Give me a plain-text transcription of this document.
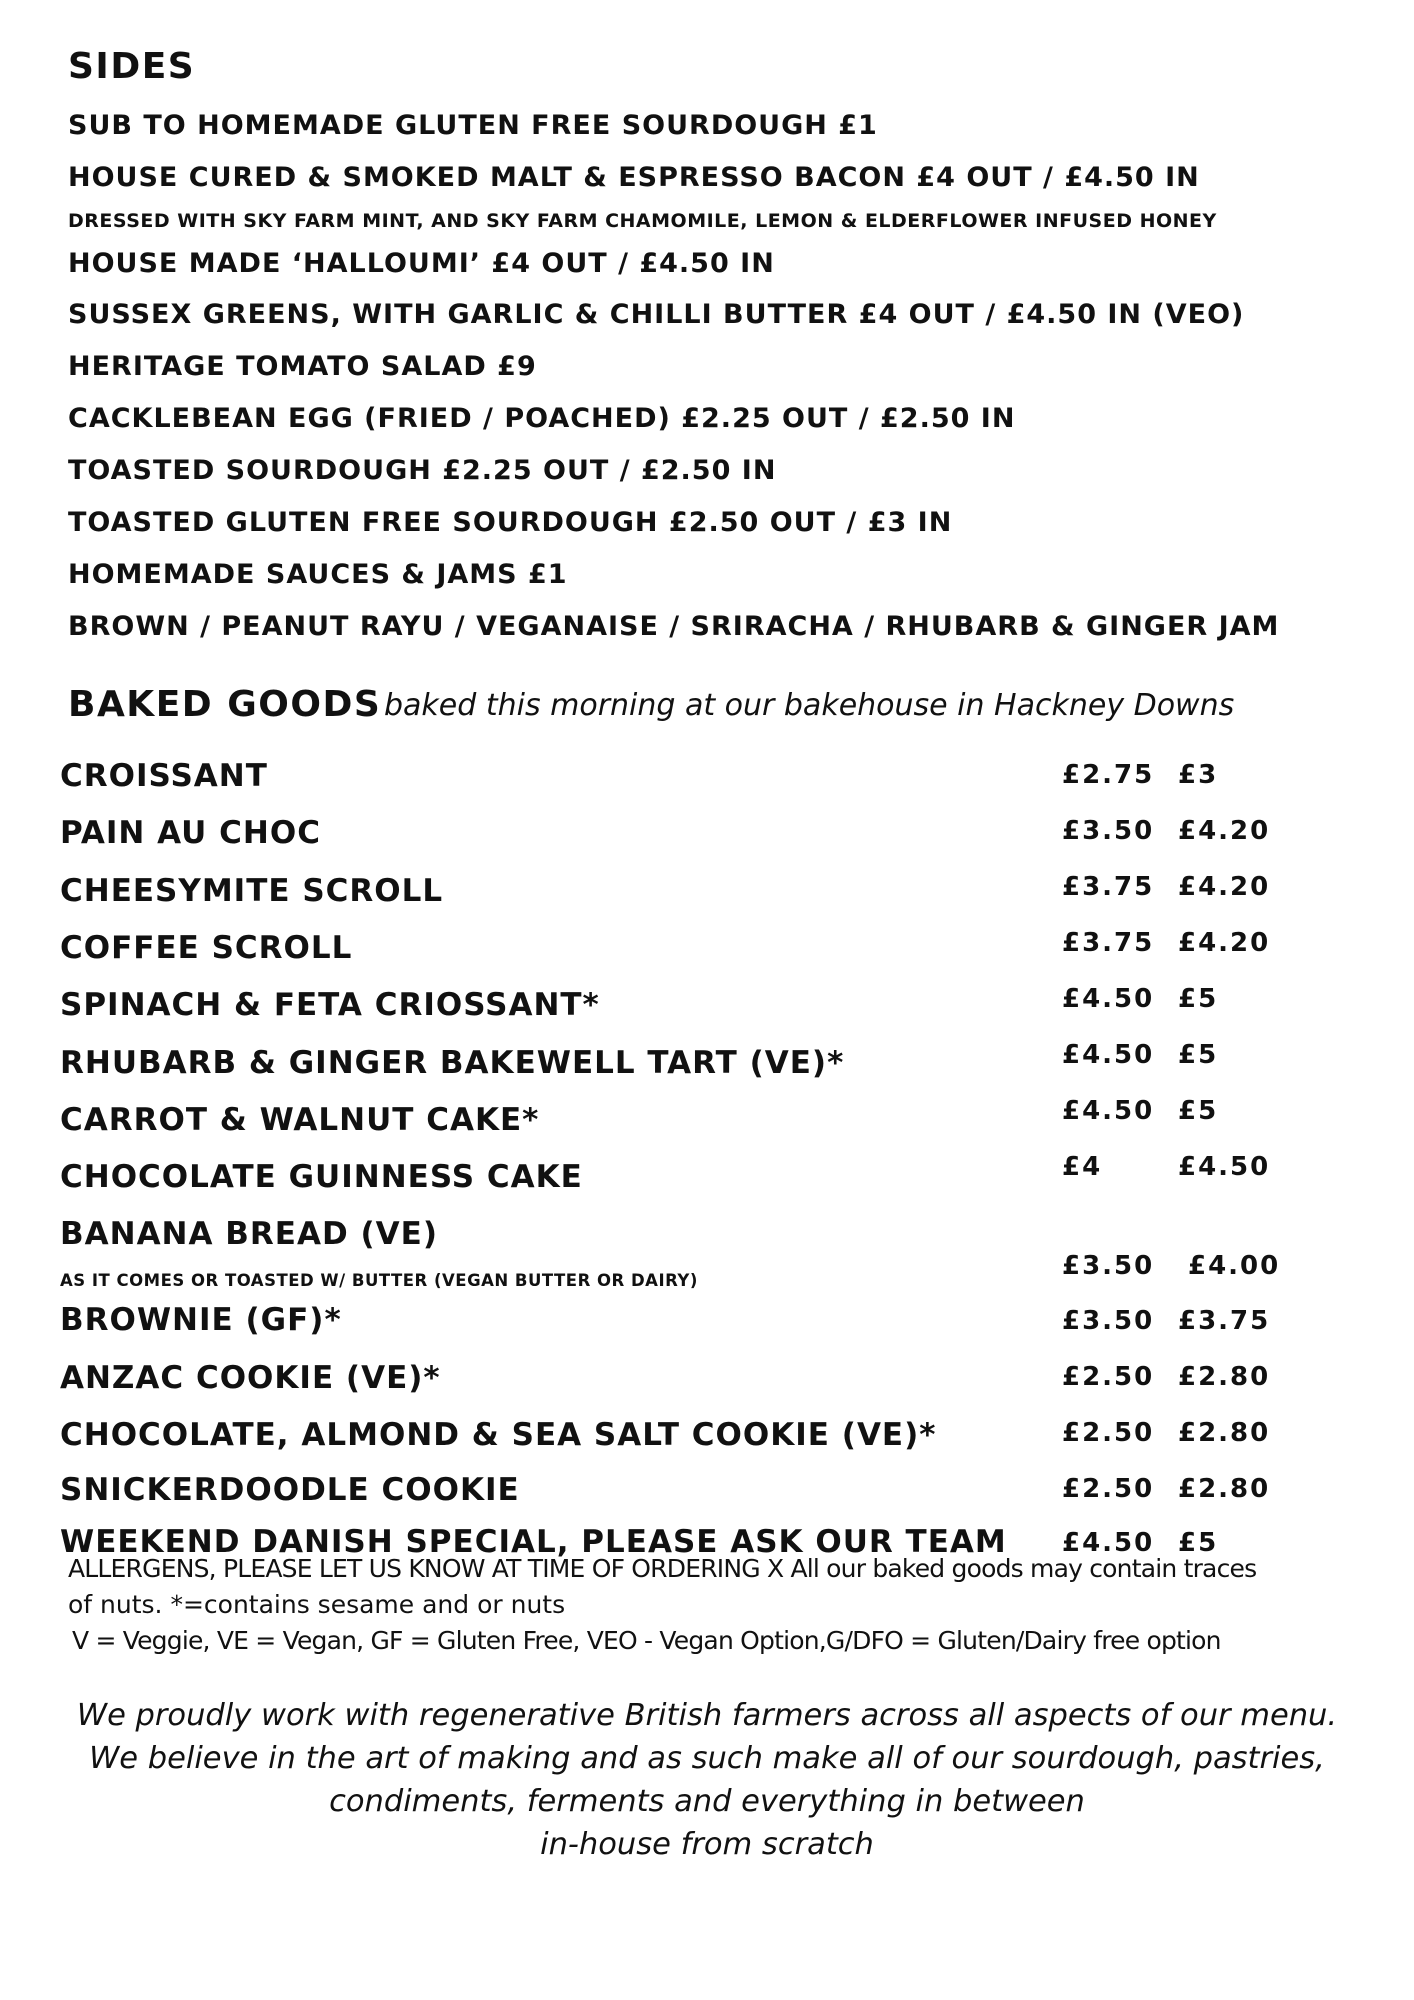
SIDES
SUB TO HOMEMADE GLUTEN FREE SOURDOUGH £1
HOUSE CURED & SMOKED MALT & ESPRESSO BACON £4 OUT / £4.50 IN
DRESSED WITH SKY FARM MINT, AND SKY FARM CHAMOMILE, LEMON & ELDERFLOWER INFUSED HONEY
HOUSE MADE ‘HALLOUMI’ £4 OUT / £4.50 IN
SUSSEX GREENS, WITH GARLIC & CHILLI BUTTER £4 OUT / £4.50 IN (VEO)
HERITAGE TOMATO SALAD £9
CACKLEBEAN EGG (FRIED / POACHED) £2.25 OUT / £2.50 IN
TOASTED SOURDOUGH £2.25 OUT / £2.50 IN
TOASTED GLUTEN FREE SOURDOUGH £2.50 OUT / £3 IN
HOMEMADE SAUCES & JAMS £1
BROWN / PEANUT RAYU / VEGANAISE / SRIRACHA / RHUBARB & GINGER JAM
BAKED GOODS baked this morning at our bakehouse in Hackney Downs
CROISSANT	£2.75 £3
PAIN AU CHOC	£3.50 £4.20
CHEESYMITE SCROLL	£3.75 £4.20
COFFEE SCROLL	£3.75 £4.20
SPINACH & FETA CRIOSSANT*	£4.50 £5
RHUBARB & GINGER BAKEWELL TART (VE)*	£4.50 £5
CARROT & WALNUT CAKE*	£4.50 £5
CHOCOLATE GUINNESS CAKE	£4	£4.50
BANANA BREAD (VE)
AS IT COMES OR TOASTED W/ BUTTER (VEGAN BUTTER OR DAIRY)	£3.50 £4.00
BROWNIE (GF)*	£3.50 £3.75
ANZAC COOKIE (VE)*	£2.50 £2.80
CHOCOLATE, ALMOND & SEA SALT COOKIE (VE)*	£2.50 £2.80
SNICKERDOODLE COOKIE	£2.50 £2.80
WEEKEND DANISH SPECIAL, PLEASE ASK OUR TEAM £4.50 £5
ALLERGENS, PLEASE LET US KNOW AT TIME OF ORDERING X All our baked goods may contain traces
of nuts. *=contains sesame and or nuts
V = Veggie, VE = Vegan, GF = Gluten Free, VEO - Vegan Option,G/DFO = Gluten/Dairy free option
We proudly work with regenerative British farmers across all aspects of our menu.
We believe in the art of making and as such make all of our sourdough, pastries,
condiments, ferments and everything in between
in-house from scratch
